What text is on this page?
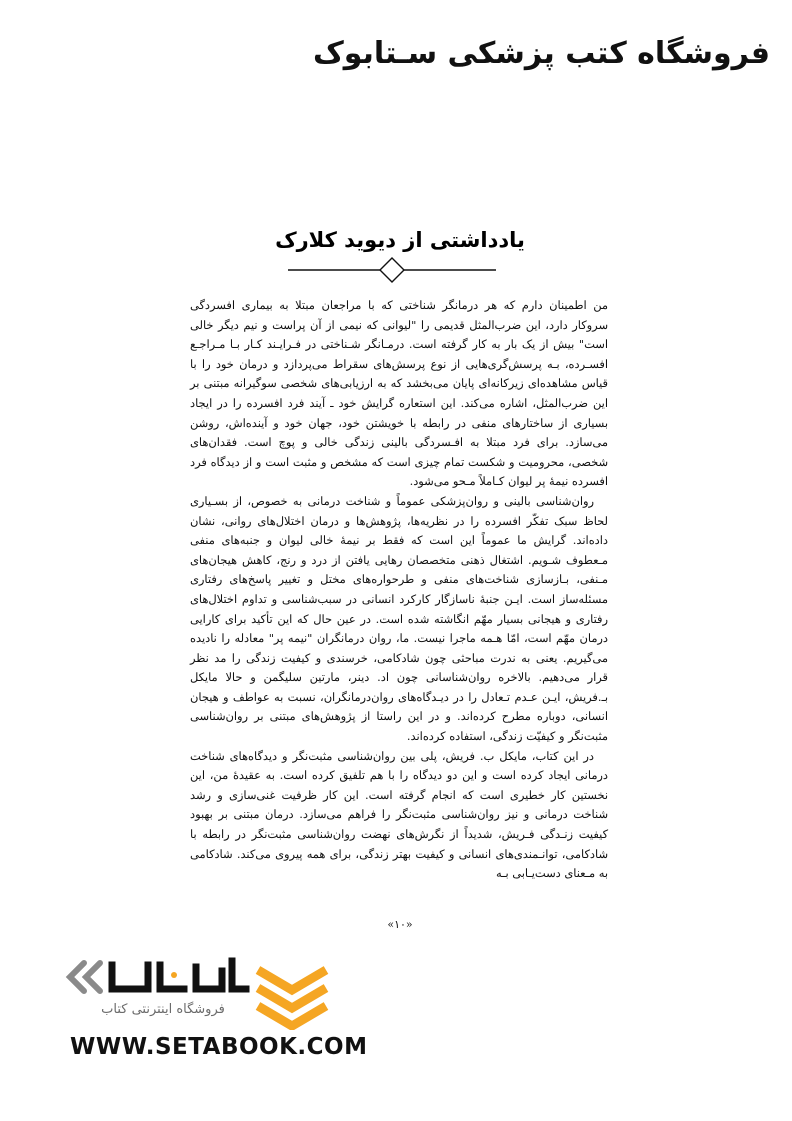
فروشگاه کتب پزشکی سـتابوک
یادداشتی از دیوید کلارک

من اطمینان دارم که هر درمانگر شناختی که با مراجعان مبتلا به بیماری افسردگی سروکار دارد، این ضرب‌المثل قدیمی را "لیوانی که نیمی از آن پراست و نیم دیگر خالی است" بیش از یک بار به کار گرفته است. درمـانگر شـناختی در فـرایـند کـار بـا مـراجـع افسـرده، بـه پرسش‌گری‌هایی از نوع پرسش‌های سقراط می‌پردازد و درمان خود را با قیاس مشاهده‌ای زیرکانه‌ای پایان می‌بخشد که به ارزیابی‌های شخصی سوگیرانه مبتنی بر این ضرب‌المثل، اشاره می‌کند. این استعاره گرایش خود ـ آیند فرد افسرده را در ایجاد بسیاری از ساختارهای منفی در رابطه با خویشتن خود، جهان خود و آینده‌اش، روشن می‌سازد. برای فرد مبتلا به افـسردگی بالینی زندگی خالی و پوچ است. فقدان‌های شخصی، محرومیت و شکست تمام چیزی است که مشخص و مثبت است و از دیدگاه فرد افسرده نیمهٔ پر لیوان کـاملاً مـحو می‌شود.

روان‌شناسی بالینی و روان‌پزشکی عموماً و شناخت درمانی به خصوص، از بسـیاری لحاظ سبک تفکّر افسرده را در نظریه‌ها، پژوهش‌ها و درمان اختلال‌های روانی، نشان داده‌اند. گرایش ما عموماً این است که فقط بر نیمهٔ خالی لیوان و جنبه‌های منفی مـعطوف شـویم. اشتغال ذهنی متخصصان رهایی یافتن از درد و رنج، کاهش هیجان‌های مـنفی، بـازسازی شناخت‌های منفی و طرحواره‌های مختل و تغییر پاسخ‌های رفتاری مسئله‌ساز است. ایـن جنبهٔ ناسازگار کارکرد انسانی در سبب‌شناسی و تداوم اختلال‌های رفتاری و هیجانی بسیار مهّم انگاشته شده است. در عین حال که این تأکید برای کارایی درمان مهّم است، امّا هـمه ماجرا نیست. ما، روان درمانگران "نیمه پر" معادله را نادیده می‌گیریم. یعنی به ندرت مباحثی چون شادکامی، خرسندی و کیفیت زندگی را مد نظر قرار می‌دهیم. بالاخره روان‌شناسانی چون ا‌د. دینر، مارتین سلیگمن و حالا مایکل بـ.فریش، ایـن عـدم تـعادل را در دیـدگاه‌های روان‌درمانگران، نسبت به عواطف و هیجان انسانی، دوباره مطرح کرده‌اند. و در این راستا از پژوهش‌های مبتنی بر روان‌شناسی مثبت‌نگر و کیفیّت زندگی، استفاده کرده‌اند.

در این کتاب، مایکل ب. فریش، پلی بین روان‌شناسی مثبت‌نگر و دیدگاه‌های شناخت درمانی ایجاد کرده است و این دو دیدگاه را با هم تلفیق کرده است. به عقیدهٔ من، این نخستین کار خطیری است که انجام گرفته است. این کار ظرفیت غنی‌سازی و رشد شناخت درمانی و نیز روان‌شناسی مثبت‌نگر را فراهم می‌سازد. درمان مبتنی بر بهبود کیفیت زنـدگی فـریش، شدیداً از نگرش‌های نهضت روان‌شناسی مثبت‌نگر در رابطه با شادکامی، توانـمندی‌های انسانی و کیفیت بهتر زندگی، برای همه پیروی می‌کند. شادکامی به مـعنای دست‌یـابی بـه

«۱۰»
فروشگاه اینترنتی کتاب
WWW.SETABOOK.COM
